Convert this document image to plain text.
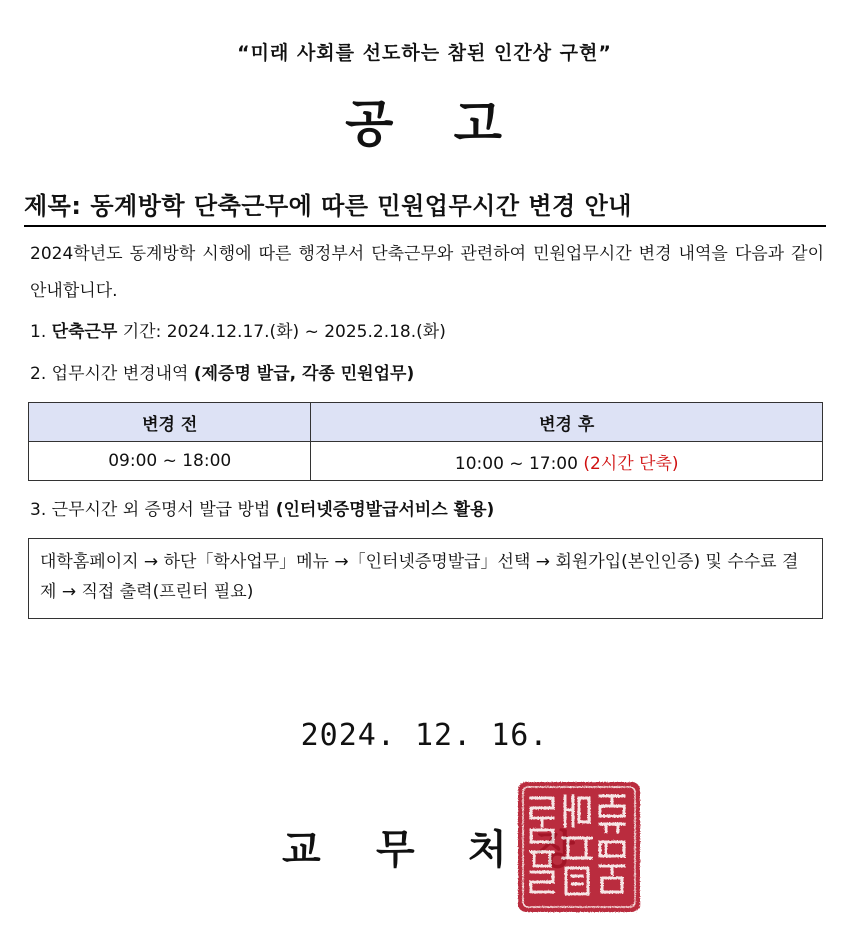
“미래 사회를 선도하는 참된 인간상 구현”
공   고
제목: 동계방학 단축근무에 따른 민원업무시간 변경 안내
2024학년도 동계방학 시행에 따른 행정부서 단축근무와 관련하여 민원업무시간 변경 내역을 다음과 같이 안내합니다.
1. 단축근무 기간: 2024.12.17.(화) ~ 2025.2.18.(화)
2. 업무시간 변경내역 (제증명 발급, 각종 민원업무)
변경 전	변경 후
09:00 ~ 18:00	10:00 ~ 17:00 (2시간 단축)
3. 근무시간 외 증명서 발급 방법 (인터넷증명발급서비스 활용)
대학홈페이지 → 하단「학사업무」메뉴 →「인터넷증명발급」선택 → 회원가입(본인인증) 및 수수료 결제 → 직접 출력(프린터 필요)
2024. 12. 16.
교 무 처
